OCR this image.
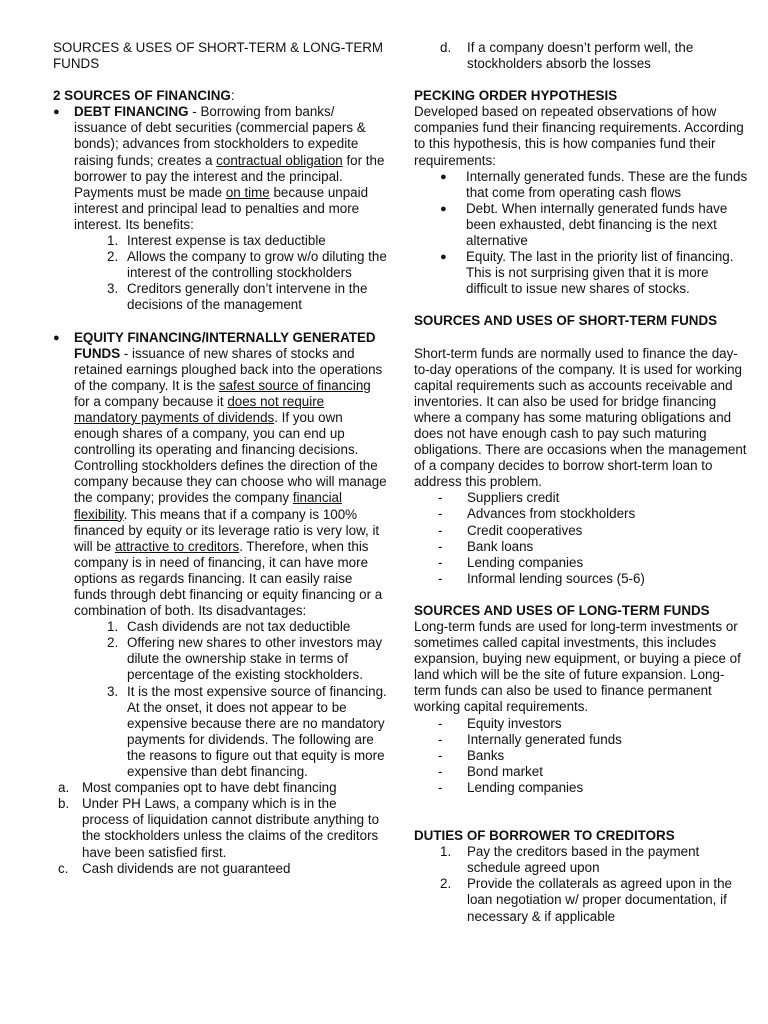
SOURCES & USES OF SHORT-TERM & LONG-TERM FUNDS

2 SOURCES OF FINANCING:

● DEBT FINANCING - Borrowing from banks/ issuance of debt securities (commercial papers & bonds); advances from stockholders to expedite raising funds; creates a contractual obligation for the borrower to pay the interest and the principal. Payments must be made on time because unpaid interest and principal lead to penalties and more interest. Its benefits:
1. Interest expense is tax deductible
2. Allows the company to grow w/o diluting the interest of the controlling stockholders
3. Creditors generally don’t intervene in the decisions of the management
● EQUITY FINANCING/INTERNALLY GENERATED FUNDS - issuance of new shares of stocks and retained earnings ploughed back into the operations of the company. It is the safest source of financing for a company because it does not require mandatory payments of dividends. If you own enough shares of a company, you can end up controlling its operating and financing decisions. Controlling stockholders defines the direction of the company because they can choose who will manage the company; provides the company financial flexibility. This means that if a company is 100% financed by equity or its leverage ratio is very low, it will be attractive to creditors. Therefore, when this company is in need of financing, it can have more options as regards financing. It can easily raise funds through debt financing or equity financing or a combination of both. Its disadvantages:
1. Cash dividends are not tax deductible
2. Offering new shares to other investors may dilute the ownership stake in terms of percentage of the existing stockholders.
3. It is the most expensive source of financing. At the onset, it does not appear to be expensive because there are no mandatory payments for dividends. The following are the reasons to figure out that equity is more expensive than debt financing.
a. Most companies opt to have debt financing
b. Under PH Laws, a company which is in the process of liquidation cannot distribute anything to the stockholders unless the claims of the creditors have been satisfied first.
c. Cash dividends are not guaranteed
d. If a company doesn’t perform well, the stockholders absorb the losses

PECKING ORDER HYPOTHESIS

Developed based on repeated observations of how companies fund their financing requirements. According to this hypothesis, this is how companies fund their requirements:

● Internally generated funds. These are the funds that come from operating cash flows
● Debt. When internally generated funds have been exhausted, debt financing is the next alternative
● Equity. The last in the priority list of financing. This is not surprising given that it is more difficult to issue new shares of stocks.

SOURCES AND USES OF SHORT-TERM FUNDS

Short-term funds are normally used to finance the day-to-day operations of the company. It is used for working capital requirements such as accounts receivable and inventories. It can also be used for bridge financing where a company has some maturing obligations and does not have enough cash to pay such maturing obligations. There are occasions when the management of a company decides to borrow short-term loan to address this problem.

- Suppliers credit
- Advances from stockholders
- Credit cooperatives
- Bank loans
- Lending companies
- Informal lending sources (5-6)

SOURCES AND USES OF LONG-TERM FUNDS

Long-term funds are used for long-term investments or sometimes called capital investments, this includes expansion, buying new equipment, or buying a piece of land which will be the site of future expansion. Long-term funds can also be used to finance permanent working capital requirements.

- Equity investors
- Internally generated funds
- Banks
- Bond market
- Lending companies

DUTIES OF BORROWER TO CREDITORS

1. Pay the creditors based in the payment schedule agreed upon
2. Provide the collaterals as agreed upon in the loan negotiation w/ proper documentation, if necessary & if applicable
